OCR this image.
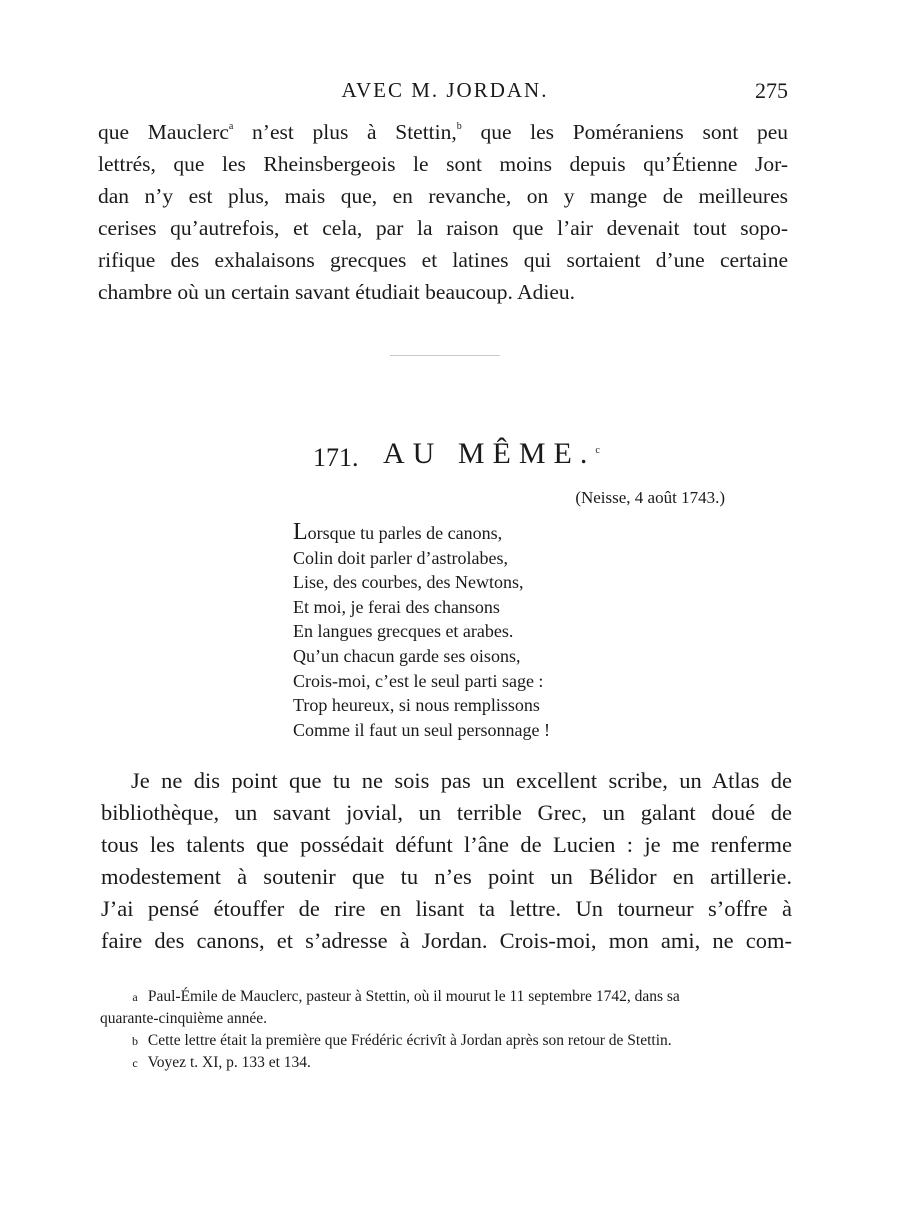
AVEC M. JORDAN.	275
que Mauclerc$^a$ n’est plus à Stettin,$^b$ que les Poméraniens sont peu
lettrés, que les Rheinsbergeois le sont moins depuis qu’Étienne Jor-
dan n’y est plus, mais que, en revanche, on y mange de meilleures
cerises qu’autrefois, et cela, par la raison que l’air devenait tout sopo-
rifique des exhalaisons grecques et latines qui sortaient d’une certaine
chambre où un certain savant étudiait beaucoup. Adieu.
171. AU MÊME.$^c$
(Neisse, 4 août 1743.)
Lorsque tu parles de canons,
Colin doit parler d’astrolabes,
Lise, des courbes, des Newtons,
Et moi, je ferai des chansons
En langues grecques et arabes.
Qu’un chacun garde ses oisons,
Crois-moi, c’est le seul parti sage :
Trop heureux, si nous remplissons
Comme il faut un seul personnage !
Je ne dis point que tu ne sois pas un excellent scribe, un Atlas de
bibliothèque, un savant jovial, un terrible Grec, un galant doué de
tous les talents que possédait défunt l’âne de Lucien : je me renferme
modestement à soutenir que tu n’es point un Bélidor en artillerie.
J’ai pensé étouffer de rire en lisant ta lettre. Un tourneur s’offre à
faire des canons, et s’adresse à Jordan. Crois-moi, mon ami, ne com-
a Paul-Émile de Mauclerc, pasteur à Stettin, où il mourut le 11 septembre 1742, dans sa
quarante-cinquième année.
b Cette lettre était la première que Frédéric écrivît à Jordan après son retour de Stettin.
c Voyez t. XI, p. 133 et 134.
